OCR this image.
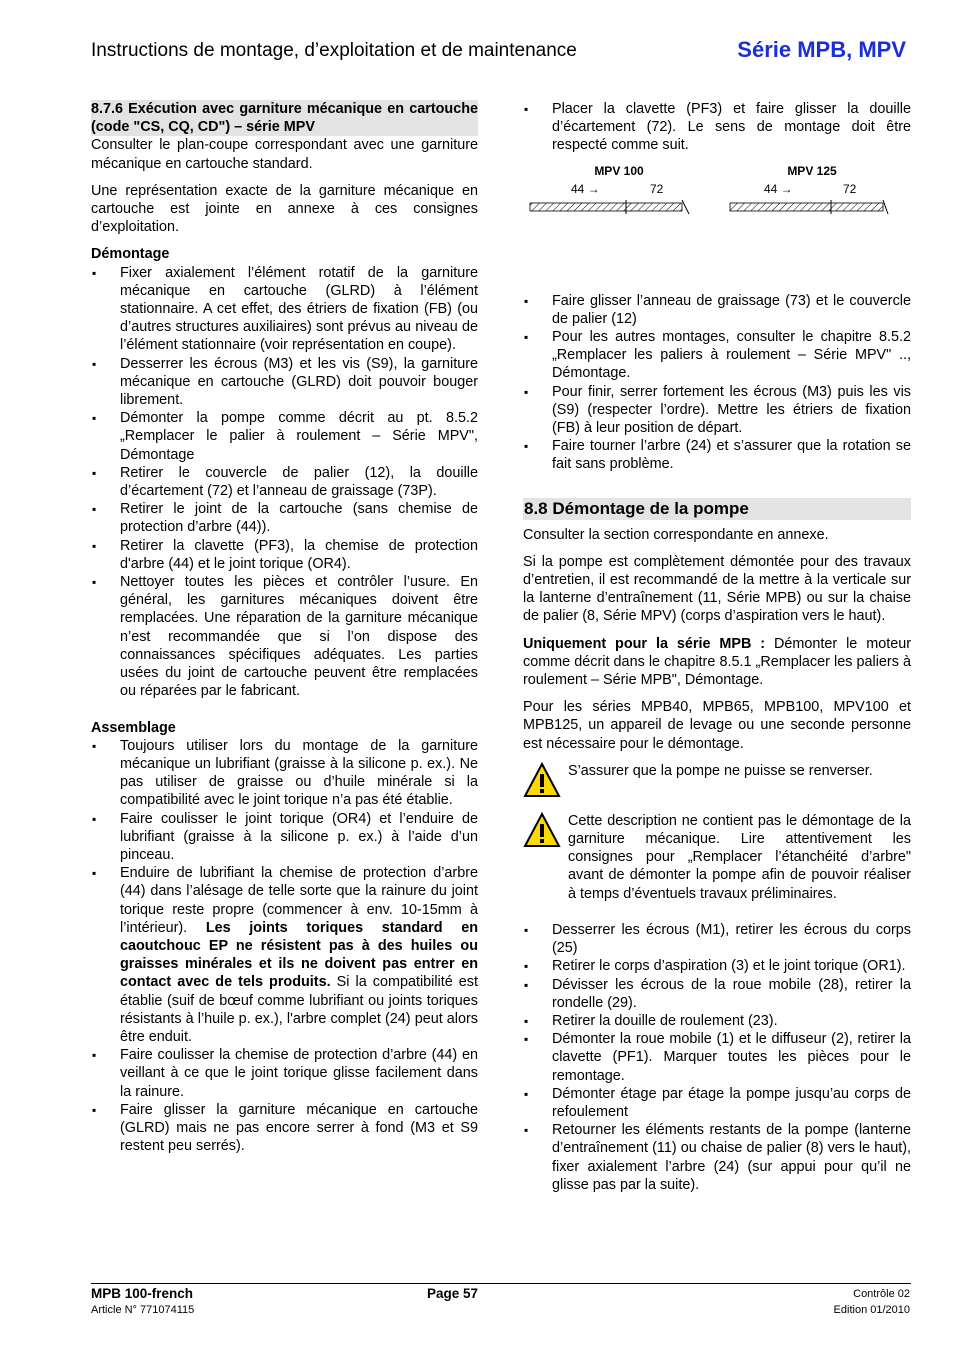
Instructions de montage, d’exploitation et de maintenance	Série MPB, MPV
8.7.6 Exécution avec garniture mécanique en cartouche (code "CS, CQ, CD") – série MPV

Consulter le plan-coupe correspondant avec une garniture mécanique en cartouche standard.

Une représentation exacte de la garniture mécanique en cartouche est jointe en annexe à ces consignes d’exploitation.

Démontage
▪ Fixer axialement l’élément rotatif de la garniture mécanique en cartouche (GLRD) à l’élément stationnaire. A cet effet, des étriers de fixation (FB) (ou d’autres structures auxiliaires) sont prévus au niveau de l’élément stationnaire (voir représentation en coupe).
▪ Desserrer les écrous (M3) et les vis (S9), la garniture mécanique en cartouche (GLRD) doit pouvoir bouger librement.
▪ Démonter la pompe comme décrit au pt. 8.5.2 „Remplacer le palier à roulement – Série MPV", Démontage
▪ Retirer le couvercle de palier (12), la douille d’écartement (72) et l’anneau de graissage (73P).
▪ Retirer le joint de la cartouche (sans chemise de protection d’arbre (44)).
▪ Retirer la clavette (PF3), la chemise de protection d'arbre (44) et le joint torique (OR4).
▪ Nettoyer toutes les pièces et contrôler l’usure. En général, les garnitures mécaniques doivent être remplacées. Une réparation de la garniture mécanique n’est recommandée que si l’on dispose des connaissances spécifiques adéquates. Les parties usées du joint de cartouche peuvent être remplacées ou réparées par le fabricant.
Assemblage
▪ Toujours utiliser lors du montage de la garniture mécanique un lubrifiant (graisse à la silicone p. ex.). Ne pas utiliser de graisse ou d’huile minérale si la compatibilité avec le joint torique n’a pas été établie.
▪ Faire coulisser le joint torique (OR4) et l’enduire de lubrifiant (graisse à la silicone p. ex.) à l’aide d’un pinceau.
▪ Enduire de lubrifiant la chemise de protection d’arbre (44) dans l’alésage de telle sorte que la rainure du joint torique reste propre (commencer à env. 10-15mm à l’intérieur). Les joints toriques standard en caoutchouc EP ne résistent pas à des huiles ou graisses minérales et ils ne doivent pas entrer en contact avec de tels produits. Si la compatibilité est établie (suif de bœuf comme lubrifiant ou joints toriques résistants à l’huile p. ex.), l'arbre complet (24) peut alors être enduit.
▪ Faire coulisser la chemise de protection d’arbre (44) en veillant à ce que le joint torique glisse facilement dans la rainure.
▪ Faire glisser la garniture mécanique en cartouche (GLRD) mais ne pas encore serrer à fond (M3 et S9 restent peu serrés).
▪ Placer la clavette (PF3) et faire glisser la douille d’écartement (72). Le sens de montage doit être respecté comme suit.
MPV 100
44 →	72
MPV 125
44 →	72
▪ Faire glisser l’anneau de graissage (73) et le couvercle de palier (12)
▪ Pour les autres montages, consulter le chapitre 8.5.2 „Remplacer les paliers à roulement – Série MPV" .., Démontage.
▪ Pour finir, serrer fortement les écrous (M3) puis les vis (S9) (respecter l’ordre). Mettre les étriers de fixation (FB) à leur position de départ.
▪ Faire tourner l’arbre (24) et s’assurer que la rotation se fait sans problème.
8.8 Démontage de la pompe

Consulter la section correspondante en annexe.

Si la pompe est complètement démontée pour des travaux d’entretien, il est recommandé de la mettre à la verticale sur la lanterne d’entraînement (11, Série MPB) ou sur la chaise de palier (8, Série MPV) (corps d’aspiration vers le haut).

Uniquement pour la série MPB : Démonter le moteur comme décrit dans le chapitre 8.5.1 „Remplacer les paliers à roulement – Série MPB", Démontage.

Pour les séries MPB40, MPB65, MPB100, MPV100 et MPB125, un appareil de levage ou une seconde personne est nécessaire pour le démontage.

S’assurer que la pompe ne puisse se renverser.
Cette description ne contient pas le démontage de la garniture mécanique. Lire attentivement les consignes pour „Remplacer l’étanchéité d’arbre" avant de démonter la pompe afin de pouvoir réaliser à temps d’éventuels travaux préliminaires.
▪ Desserrer les écrous (M1), retirer les écrous du corps (25)
▪ Retirer le corps d’aspiration (3) et le joint torique (OR1).
▪ Dévisser les écrous de la roue mobile (28), retirer la rondelle (29).
▪ Retirer la douille de roulement (23).
▪ Démonter la roue mobile (1) et le diffuseur (2), retirer la clavette (PF1). Marquer toutes les pièces pour le remontage.
▪ Démonter étage par étage la pompe jusqu’au corps de refoulement
▪ Retourner les éléments restants de la pompe (lanterne d’entraînement (11) ou chaise de palier (8) vers le haut), fixer axialement l’arbre (24) (sur appui pour qu’il ne glisse pas par la suite).
MPB 100-french
Article N° 771074115
Page 57	Contrôle 02
Edition 01/2010
